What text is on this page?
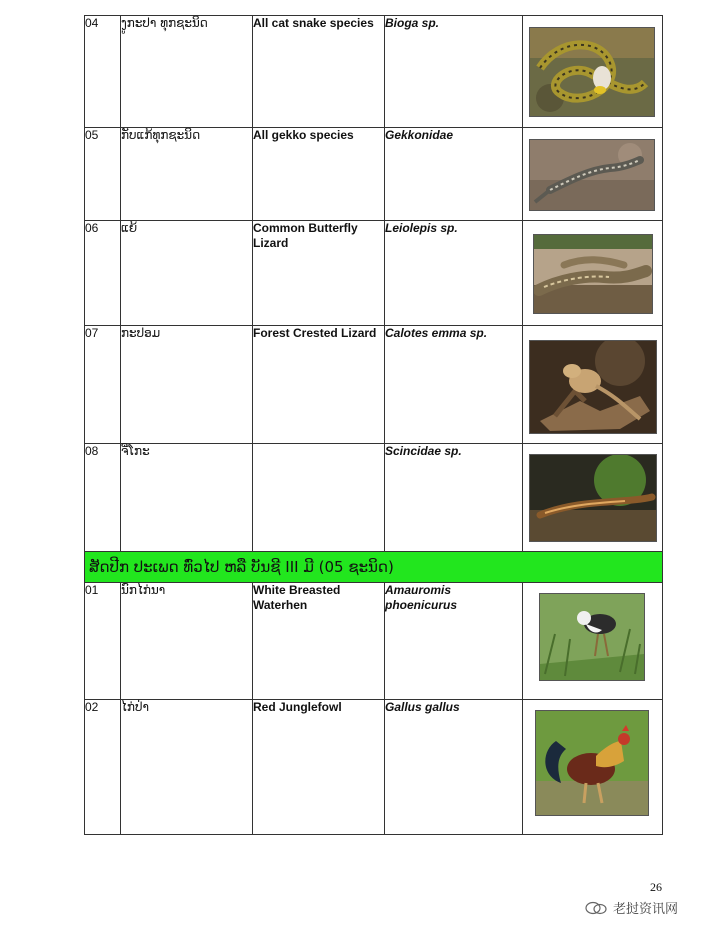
04	ງູກະປາ ທຸກຊະນິດ	All cat snake species	Bioga sp.	

05	ກັບແກ້ທຸກຊະນິດ	All gekko species	Gekkonidae	

06	ແຍ້	Common Butterfly Lizard	Leiolepis sp.	

07	ກະປອມ	Forest Crested Lizard	Calotes emma sp.	

08	ຈີ່ໂກະ		Scincidae sp.	

ສັດປີກ ປະເພດ ທົ່ວໄປ ຫລື ບັນຊີ III ມີ (05 ຊະນິດ)				
01	ນົກໄກ່ນາ	White Breasted Waterhen	Amauromis phoenicurus	

02	ໄກ່ປ່າ	Red Junglefowl	Gallus gallus	
26
老挝资讯网
